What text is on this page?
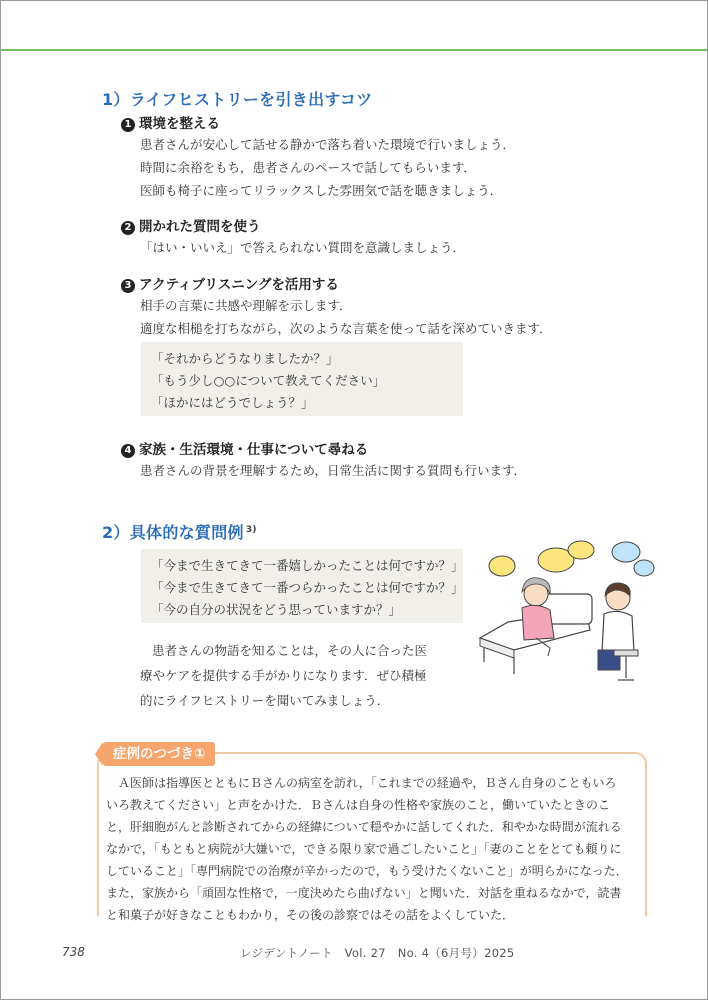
1）ライフヒストリーを引き出すコツ
1 環境を整える
患者さんが安心して話せる静かで落ち着いた環境で行いましょう．
時間に余裕をもち，患者さんのペースで話してもらいます．
医師も椅子に座ってリラックスした雰囲気で話を聴きましょう．
2 開かれた質問を使う
「はい・いいえ」で答えられない質問を意識しましょう．
3 アクティブリスニングを活用する
相手の言葉に共感や理解を示します．
適度な相槌を打ちながら，次のような言葉を使って話を深めていきます．
「それからどうなりましたか？」
「もう少し○○について教えてください」
「ほかにはどうでしょう？」
4 家族・生活環境・仕事について尋ねる
患者さんの背景を理解するため，日常生活に関する質問も行います．
2）具体的な質問例 $^{3)}$
「今まで生きてきて一番嬉しかったことは何ですか？」
「今まで生きてきて一番つらかったことは何ですか？」
「今の自分の状況をどう思っていますか？」
患者さんの物語を知ることは，その人に合った医
療やケアを提供する手がかりになります．ぜひ積極
的にライフヒストリーを聞いてみましょう．
症例のつづき①
Ａ医師は指導医とともにＢさんの病室を訪れ，「これまでの経過や，Ｂさん自身のこともいろ
いろ教えてください」と声をかけた．Ｂさんは自身の性格や家族のこと，働いていたときのこ
と，肝細胞がんと診断されてからの経緯について穏やかに話してくれた．和やかな時間が流れる
なかで，「もともと病院が大嫌いで，できる限り家で過ごしたいこと」「妻のことをとても頼りに
していること」「専門病院での治療が辛かったので，もう受けたくないこと」が明らかになった．
また，家族から「頑固な性格で，一度決めたら曲げない」と聞いた．対話を重ねるなかで，読書
と和菓子が好きなこともわかり，その後の診察ではその話をよくしていた．
738	レジデントノート　Vol. 27　No. 4（6月号）2025
